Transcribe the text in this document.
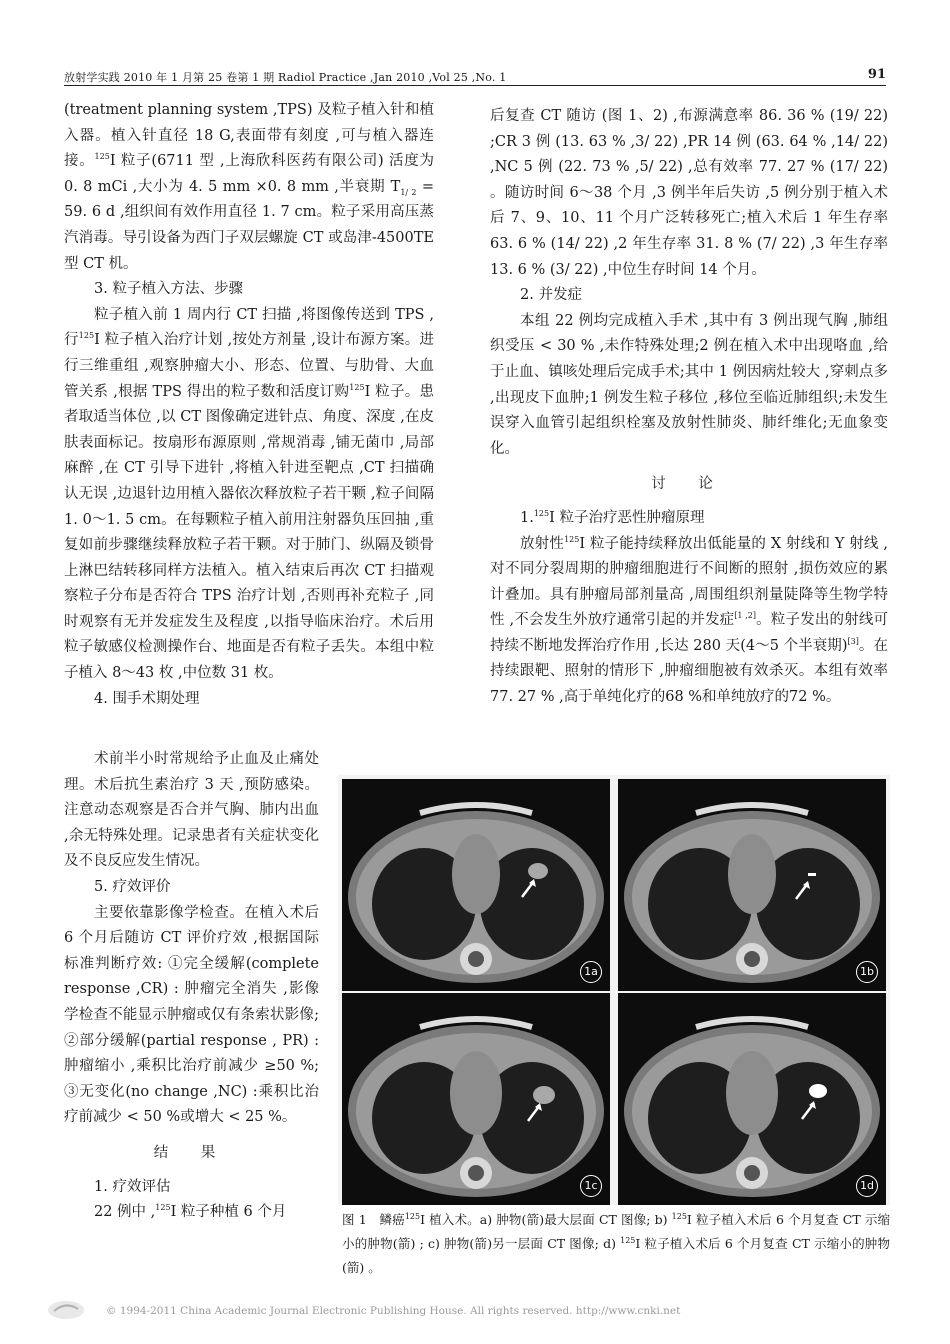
放射学实践 2010 年 1 月第 25 卷第 1 期 Radiol Practice ,Jan 2010 ,Vol 25 ,No. 1	91

(treatment planning system ,TPS) 及粒子植入针和植入器。植入针直径 18 G,表面带有刻度 ,可与植入器连接。$^{125}$I 粒子(6711 型 ,上海欣科医药有限公司) 活度为 0. 8 mCi ,大小为 4. 5 mm ×0. 8 mm ,半衰期 $T_{1/ 2} = 59$. 6 d ,组织间有效作用直径 1. 7 cm。粒子采用高压蒸汽消毒。导引设备为西门子双层螺旋 CT 或岛津-4500TE 型 CT 机。

3. 粒子植入方法、步骤

粒子植入前 1 周内行 CT 扫描 ,将图像传送到 TPS ,行$^{125}$I 粒子植入治疗计划 ,按处方剂量 ,设计布源方案。进行三维重组 ,观察肿瘤大小、形态、位置、与肋骨、大血管关系 ,根据 TPS 得出的粒子数和活度订购$^{125}$I 粒子。患者取适当体位 ,以 CT 图像确定进针点、角度、深度 ,在皮肤表面标记。按扇形布源原则 ,常规消毒 ,铺无菌巾 ,局部麻醉 ,在 CT 引导下进针 ,将植入针进至靶点 ,CT 扫描确认无误 ,边退针边用植入器依次释放粒子若干颗 ,粒子间隔 1. 0～1. 5 cm。在每颗粒子植入前用注射器负压回抽 ,重复如前步骤继续释放粒子若干颗。对于肺门、纵隔及锁骨上淋巴结转移同样方法植入。植入结束后再次 CT 扫描观察粒子分布是否符合 TPS 治疗计划 ,否则再补充粒子 ,同时观察有无并发症发生及程度 ,以指导临床治疗。术后用粒子敏感仪检测操作台、地面是否有粒子丢失。本组中粒子植入 8～43 枚 ,中位数 31 枚。

4. 围手术期处理

术前半小时常规给予止血及止痛处理。术后抗生素治疗 3 天 ,预防感染。注意动态观察是否合并气胸、肺内出血 ,余无特殊处理。记录患者有关症状变化及不良反应发生情况。

5. 疗效评价

主要依靠影像学检查。在植入术后 6 个月后随访 CT 评价疗效 ,根据国际标准判断疗效: ①完全缓解(complete response ,CR) : 肿瘤完全消失 ,影像学检查不能显示肿瘤或仅有条索状影像; ②部分缓解(partial response , PR) : 肿瘤缩小 ,乘积比治疗前减少 ≥50 %; ③无变化(no change ,NC) :乘积比治疗前减少 < 50 %或增大 < 25 %。

结 果

1. 疗效评估

22 例中 ,$^{125}$I 粒子种植 6 个月

后复查 CT 随访 (图 1、2) ,布源满意率 86. 36 % (19/ 22) ;CR 3 例 (13. 63 % ,3/ 22) ,PR 14 例 (63. 64 % ,14/ 22) ,NC 5 例 (22. 73 % ,5/ 22) ,总有效率 77. 27 % (17/ 22) 。随访时间 6～38 个月 ,3 例半年后失访 ,5 例分别于植入术后 7、9、10、11 个月广泛转移死亡;植入术后 1 年生存率 63. 6 % (14/ 22) ,2 年生存率 31. 8 % (7/ 22) ,3 年生存率 13. 6 % (3/ 22) ,中位生存时间 14 个月。

2. 并发症

本组 22 例均完成植入手术 ,其中有 3 例出现气胸 ,肺组织受压 < 30 % ,未作特殊处理;2 例在植入术中出现咯血 ,给于止血、镇咳处理后完成手术;其中 1 例因病灶较大 ,穿刺点多 ,出现皮下血肿;1 例发生粒子移位 ,移位至临近肺组织;未发生误穿入血管引起组织栓塞及放射性肺炎、肺纤维化;无血象变化。

讨 论

1.$^{125}$I 粒子治疗恶性肿瘤原理

放射性$^{125}$I 粒子能持续释放出低能量的 X 射线和 Y 射线 ,对不同分裂周期的肿瘤细胞进行不间断的照射 ,损伤效应的累计叠加。具有肿瘤局部剂量高 ,周围组织剂量陡降等生物学特性 ,不会发生外放疗通常引起的并发症[1 ,2]。粒子发出的射线可持续不断地发挥治疗作用 ,长达 280 天(4～5 个半衰期)[3]。在持续跟靶、照射的情形下 ,肿瘤细胞被有效杀灭。本组有效率 77. 27 % ,高于单纯化疗的68 %和单纯放疗的72 %。

1a	1b
1c	1d
图 1　鳞癌$^{125}$I 植入术。a) 肿物(箭)最大层面 CT 图像; b) $^{125}$I 粒子植入术后 6 个月复查 CT 示缩小的肿物(箭) ; c) 肿物(箭)另一层面 CT 图像; d) $^{125}$I 粒子植入术后 6 个月复查 CT 示缩小的肿物(箭) 。
© 1994-2011 China Academic Journal Electronic Publishing House. All rights reserved. http://www.cnki.net
